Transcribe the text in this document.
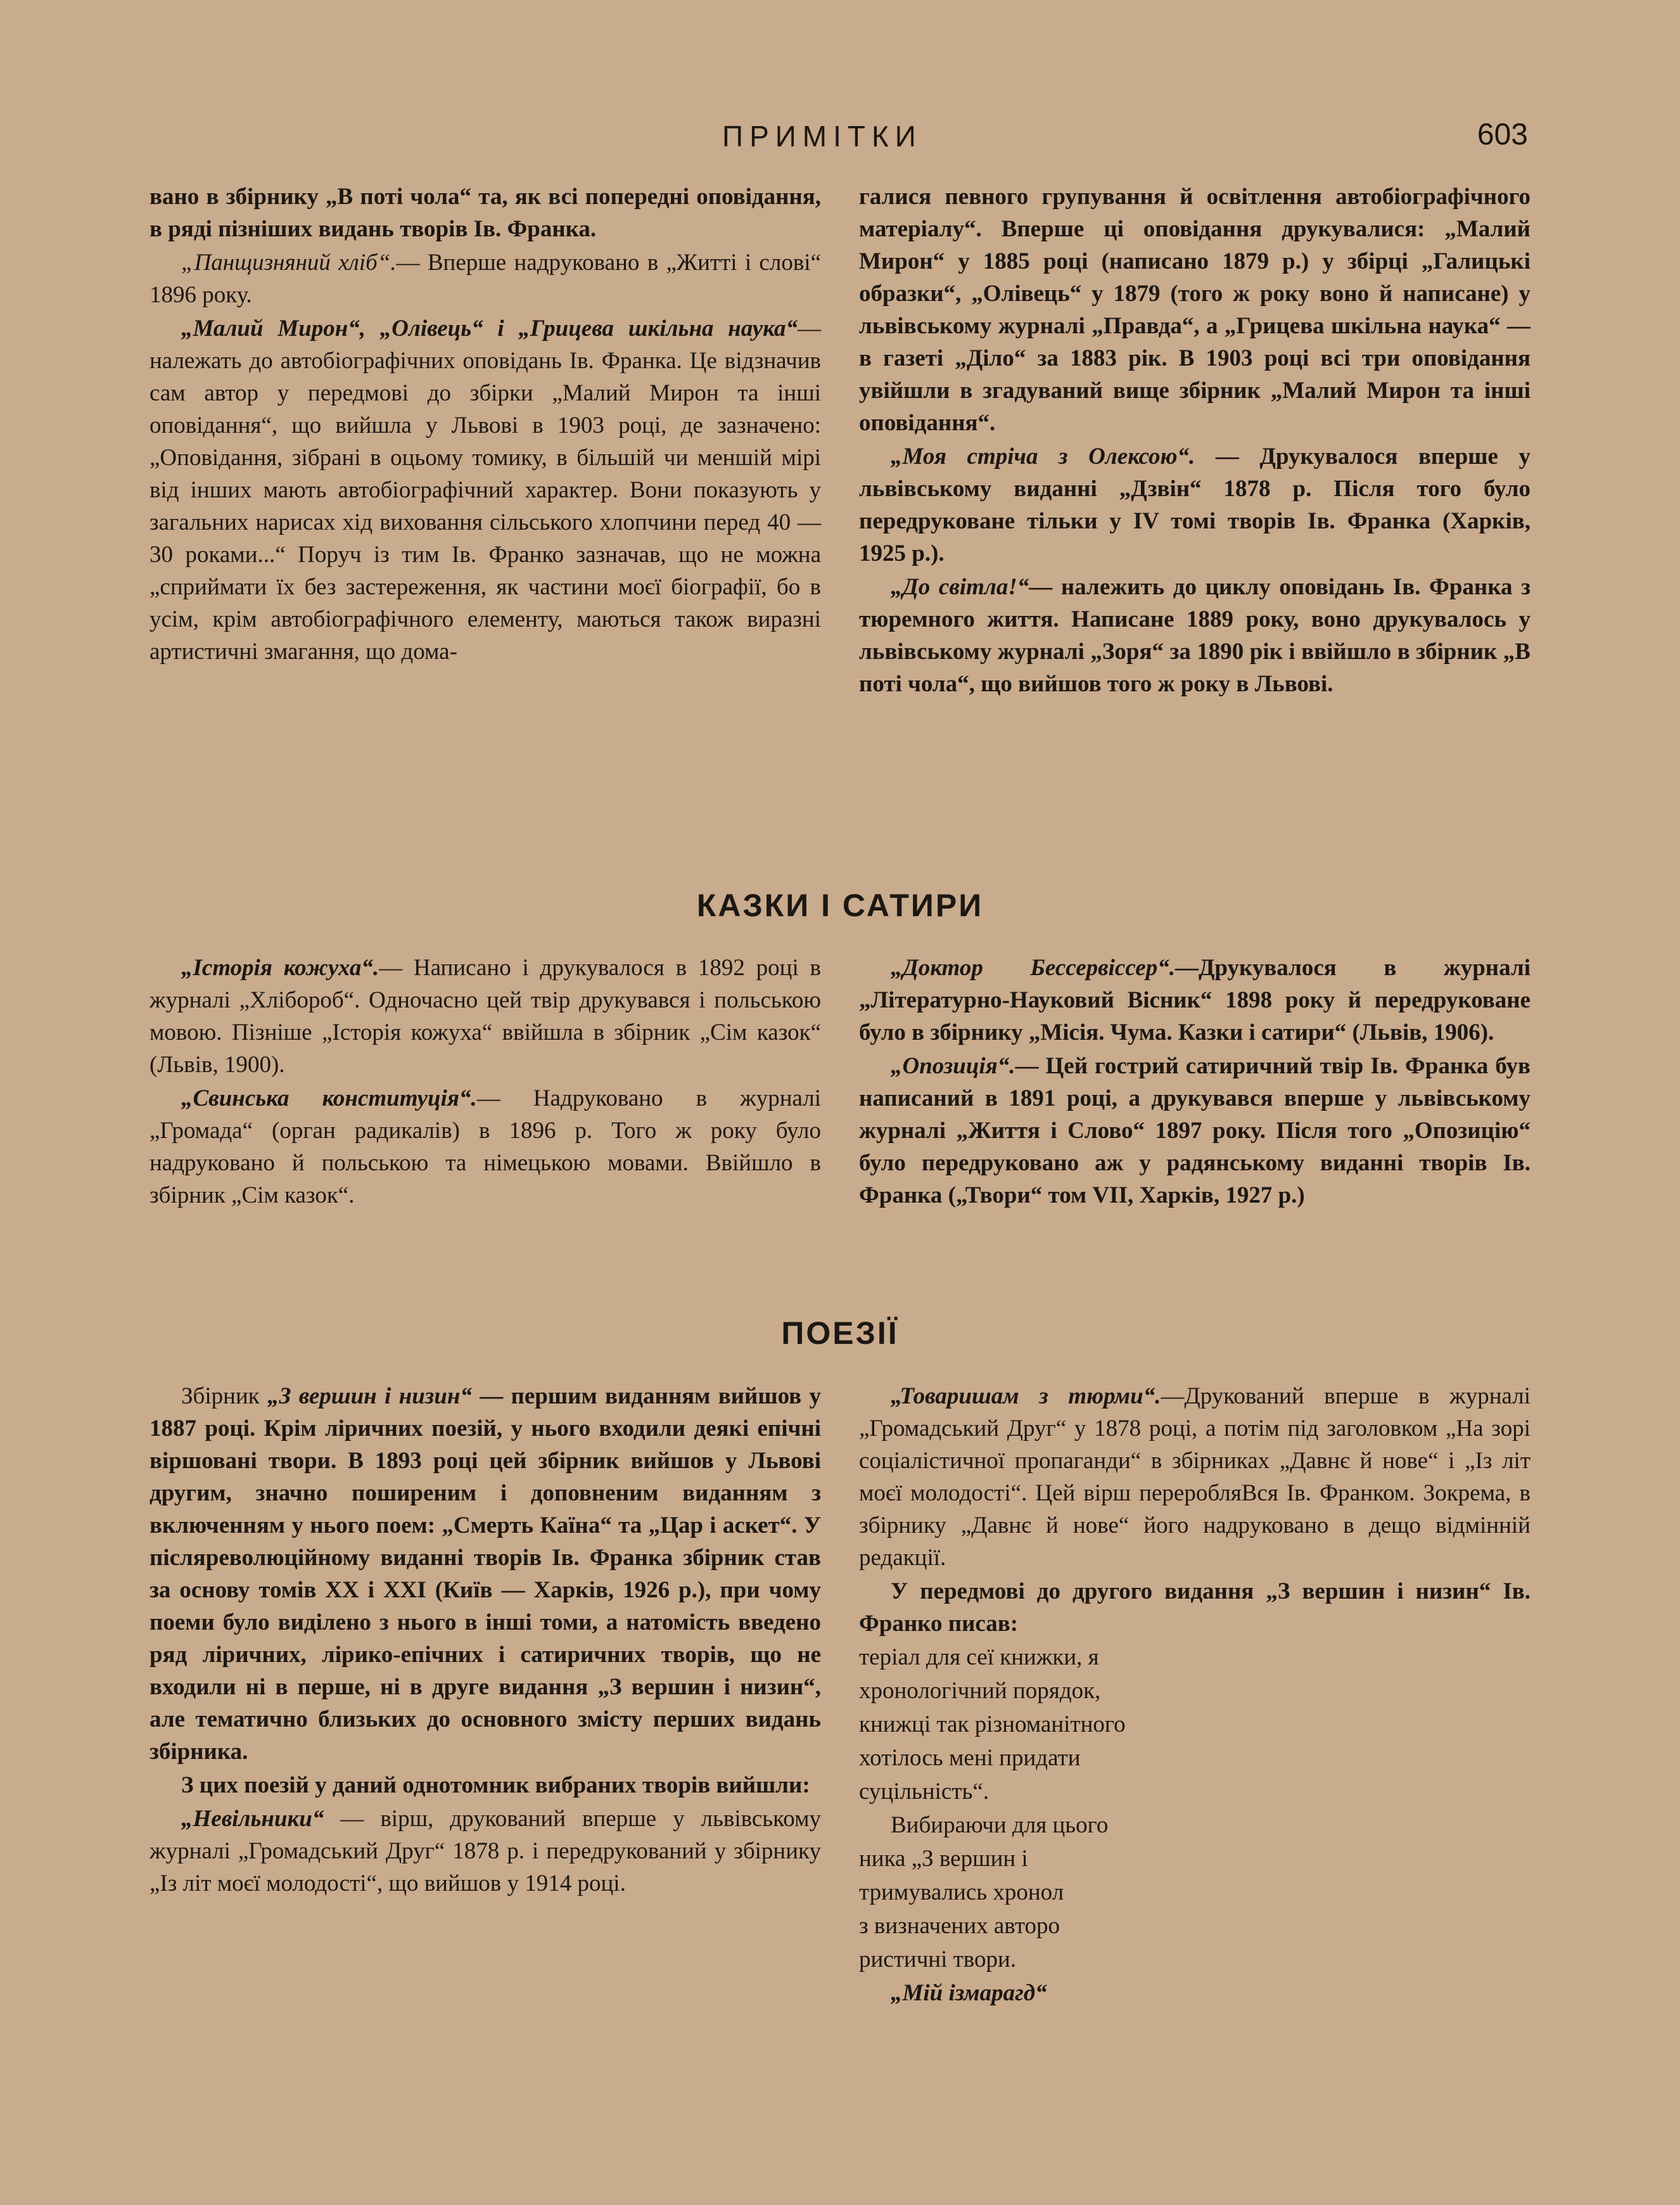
ПРИМІТКИ	603

вано в збірнику „В поті чола“ та, як всі попередні оповідання, в ряді пізніших видань творів Ів. Франка.

„Панщизняний хліб“.— Вперше надруковано в „Житті і слові“ 1896 року.

„Малий Мирон“, „Олівець“ і „Грицева шкільна наука“— належать до автобіографічних оповідань Ів. Франка. Це відзначив сам автор у передмові до збірки „Малий Мирон та інші оповідання“, що вийшла у Львові в 1903 році, де зазначено: „Оповідання, зібрані в оцьому томику, в більшій чи меншій мірі від інших мають автобіографічний характер. Вони показують у загальних нарисах хід виховання сільського хлопчини перед 40 — 30 роками...“ Поруч із тим Ів. Франко зазначав, що не можна „сприймати їх без застереження, як частини моєї біографії, бо в усім, крім автобіографічного елементу, маються також виразні артистичні змагання, що дома-

галися певного групування й освітлення автобіографічного матеріалу“. Вперше ці оповідання друкувалися: „Малий Мирон“ у 1885 році (написано 1879 р.) у збірці „Галицькі образки“, „Олівець“ у 1879 (того ж року воно й написане) у львівському журналі „Правда“, а „Грицева шкільна наука“ — в газеті „Діло“ за 1883 рік. В 1903 році всі три оповідання увійшли в згадуваний вище збірник „Малий Мирон та інші оповідання“.

„Моя стріча з Олексою“. — Друкувалося вперше у львівському виданні „Дзвін“ 1878 р. Після того було передруковане тільки у IV томі творів Ів. Франка (Харків, 1925 р.).

„До світла!“— належить до циклу оповідань Ів. Франка з тюремного життя. Написане 1889 року, воно друкувалось у львівському журналі „Зоря“ за 1890 рік і ввійшло в збірник „В поті чола“, що вийшов того ж року в Львові.

КАЗКИ І САТИРИ

„Історія кожуха“.— Написано і друкувалося в 1892 році в журналі „Хлібороб“. Одночасно цей твір друкувався і польською мовою. Пізніше „Історія кожуха“ ввійшла в збірник „Сім казок“ (Львів, 1900).

„Свинська конституція“.— Надруковано в журналі „Громада“ (орган радикалів) в 1896 р. Того ж року було надруковано й польською та німецькою мовами. Ввійшло в збірник „Сім казок“.

„Доктор Бессервіссер“.—Друкувалося в журналі „Літературно-Науковий Вісник“ 1898 року й передруковане було в збірнику „Місія. Чума. Казки і сатири“ (Львів, 1906).

„Опозиція“.— Цей гострий сатиричний твір Ів. Франка був написаний в 1891 році, а друкувався вперше у львівському журналі „Життя і Слово“ 1897 року. Після того „Опозицію“ було передруковано аж у радянському виданні творів Ів. Франка („Твори“ том VII, Харків, 1927 р.)

ПОЕЗІЇ

Збірник „З вершин і низин“ — першим виданням вийшов у 1887 році. Крім ліричних поезій, у нього входили деякі епічні віршовані твори. В 1893 році цей збірник вийшов у Львові другим, значно поширеним і доповненим виданням з включенням у нього поем: „Смерть Каїна“ та „Цар і аскет“. У післяреволюційному виданні творів Ів. Франка збірник став за основу томів XX і XXI (Київ — Харків, 1926 р.), при чому поеми було виділено з нього в інші томи, а натомість введено ряд ліричних, лірико-епічних і сатиричних творів, що не входили ні в перше, ні в друге видання „З вершин і низин“, але тематично близьких до основного змісту перших видань збірника.

З цих поезій у даний однотомник вибраних творів вийшли:

„Невільники“ — вірш, друкований вперше у львівському журналі „Громадський Друг“ 1878 р. і передрукований у збірнику „Із літ моєї молодості“, що вийшов у 1914 році.

„Товаришам з тюрми“.—Друкований вперше в журналі „Громадський Друг“ у 1878 році, а потім під заголовком „На зорі соціалістичної пропаганди“ в збірниках „Давнє й нове“ і „Із літ моєї молодості“. Цей вірш переробляВся Ів. Франком. Зокрема, в збірнику „Давнє й нове“ його надруковано в дещо відмінній редакції.

У передмові до другого видання „З вершин і низин“ Ів. Франко писав:

теріал для сеї книжки, я

хронологічний порядок,

книжці так різноманітного

хотілось мені придати

суцільність“.

Вибираючи для цього

ника „З вершин і

тримувались хронол

з визначених авторо

ристичні твори.

„Мій ізмарагд“
